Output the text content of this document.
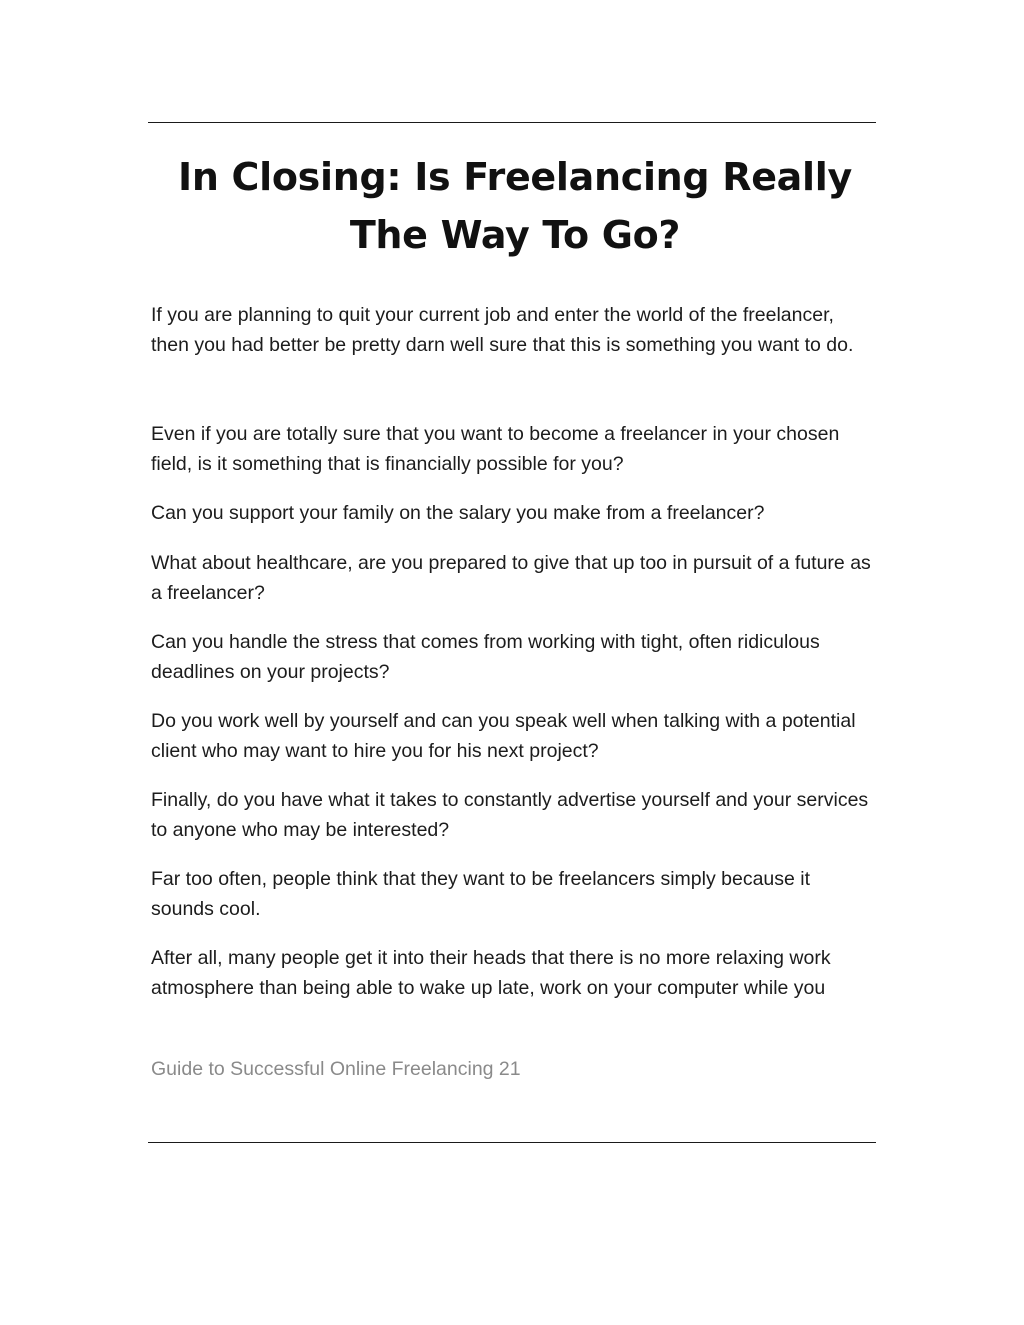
In Closing: Is Freelancing Really The Way To Go?

If you are planning to quit your current job and enter the world of the freelancer, then you had better be pretty darn well sure that this is something you want to do.

Even if you are totally sure that you want to become a freelancer in your chosen field, is it something that is financially possible for you?

Can you support your family on the salary you make from a freelancer?

What about healthcare, are you prepared to give that up too in pursuit of a future as a freelancer?

Can you handle the stress that comes from working with tight, often ridiculous deadlines on your projects?

Do you work well by yourself and can you speak well when talking with a potential client who may want to hire you for his next project?

Finally, do you have what it takes to constantly advertise yourself and your services to anyone who may be interested?

Far too often, people think that they want to be freelancers simply because it sounds cool.

After all, many people get it into their heads that there is no more relaxing work atmosphere than being able to wake up late, work on your computer while you

Guide to Successful Online Freelancing 21
